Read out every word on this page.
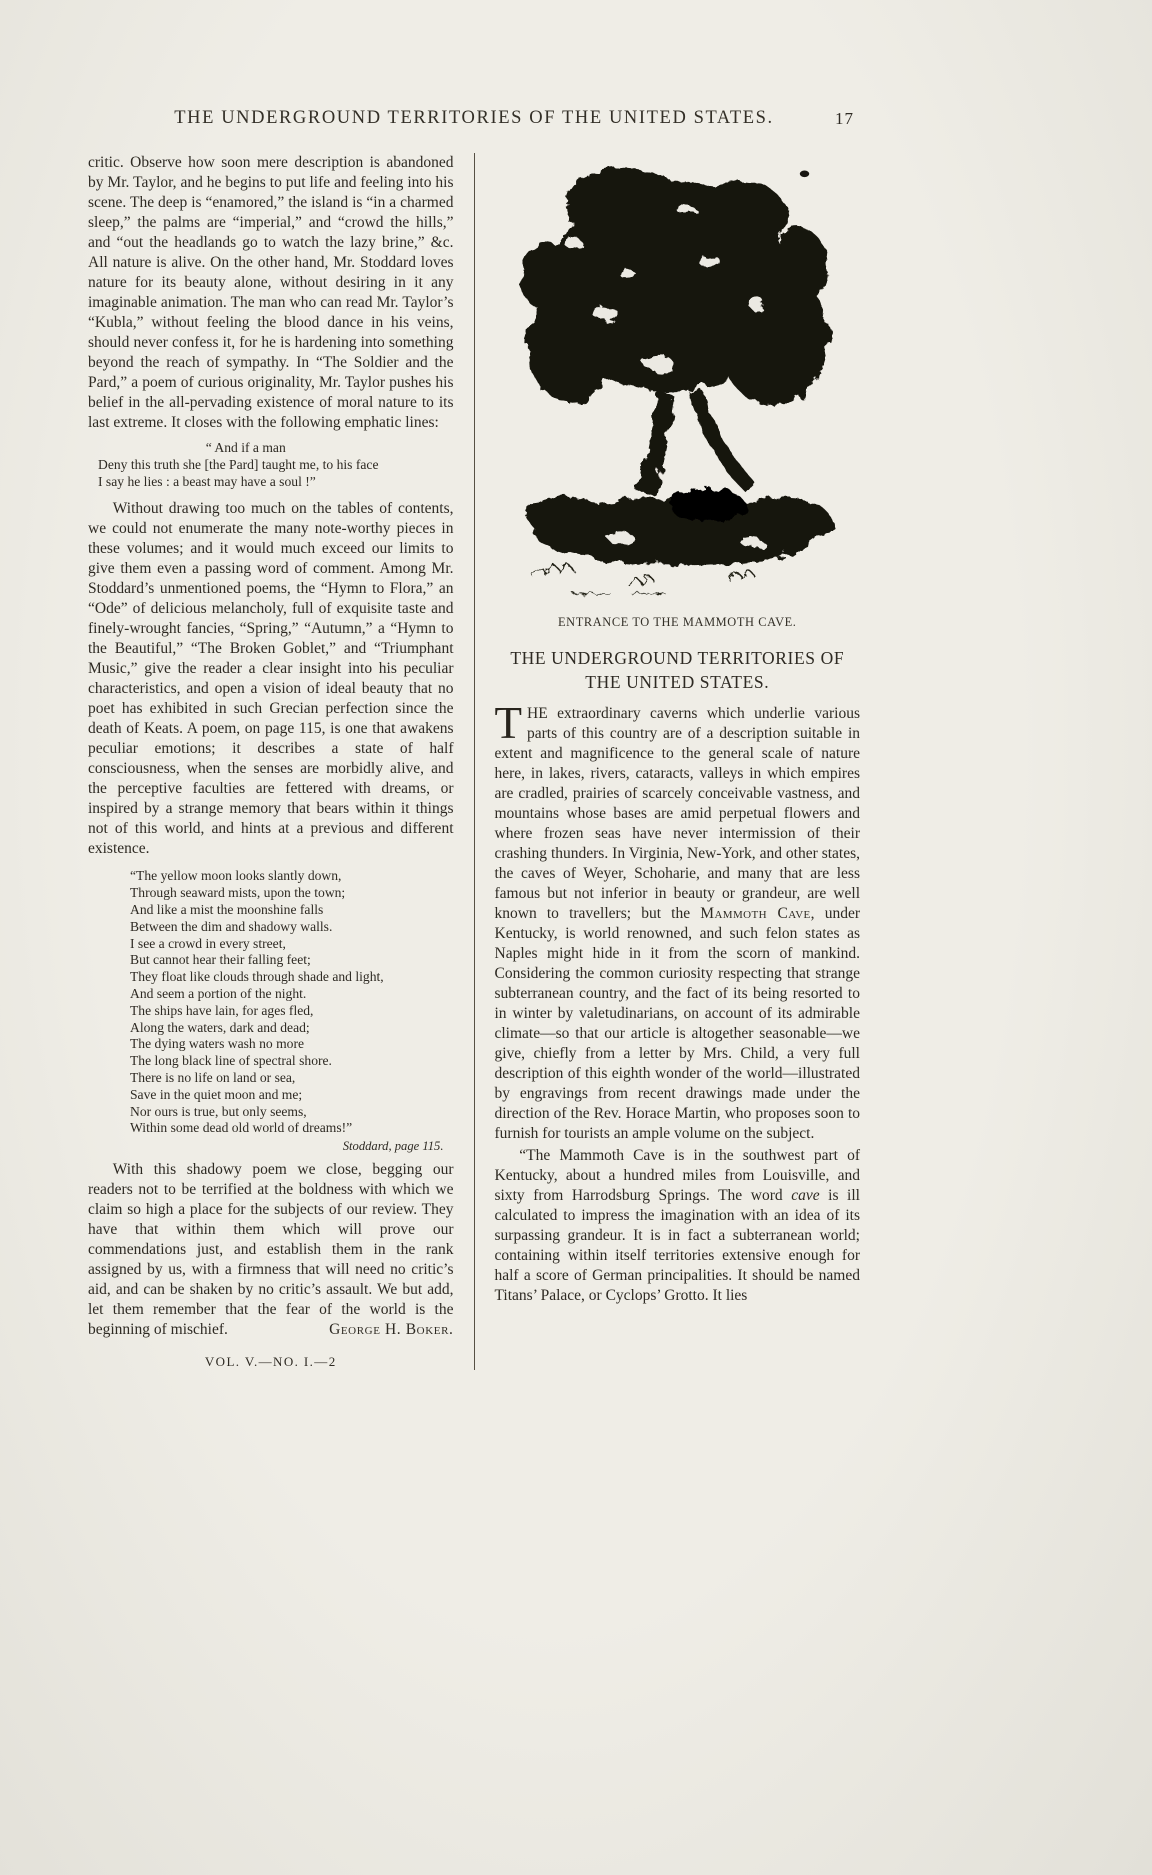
THE UNDERGROUND TERRITORIES OF THE UNITED STATES.	17

critic. Observe how soon mere description is abandoned by Mr. Taylor, and he begins to put life and feeling into his scene. The deep is “enamored,” the island is “in a charmed sleep,” the palms are “imperial,” and “crowd the hills,” and “out the headlands go to watch the lazy brine,” &c. All nature is alive. On the other hand, Mr. Stoddard loves nature for its beauty alone, without desiring in it any imaginable animation. The man who can read Mr. Taylor’s “Kubla,” without feeling the blood dance in his veins, should never confess it, for he is hardening into something beyond the reach of sympathy. In “The Soldier and the Pard,” a poem of curious originality, Mr. Taylor pushes his belief in the all-pervading existence of moral nature to its last extreme. It closes with the following emphatic lines:

“ And if a man
Deny this truth she [the Pard] taught me, to his face
I say he lies : a beast may have a soul !”

Without drawing too much on the tables of contents, we could not enumerate the many note-worthy pieces in these volumes; and it would much exceed our limits to give them even a passing word of comment. Among Mr. Stoddard’s unmentioned poems, the “Hymn to Flora,” an “Ode” of delicious melancholy, full of exquisite taste and finely-wrought fancies, “Spring,” “Autumn,” a “Hymn to the Beautiful,” “The Broken Goblet,” and “Triumphant Music,” give the reader a clear insight into his peculiar characteristics, and open a vision of ideal beauty that no poet has exhibited in such Grecian perfection since the death of Keats. A poem, on page 115, is one that awakens peculiar emotions; it describes a state of half consciousness, when the senses are morbidly alive, and the perceptive faculties are fettered with dreams, or inspired by a strange memory that bears within it things not of this world, and hints at a previous and different existence.

“The yellow moon looks slantly down,
Through seaward mists, upon the town;
And like a mist the moonshine falls
Between the dim and shadowy walls.
I see a crowd in every street,
But cannot hear their falling feet;
They float like clouds through shade and light,
And seem a portion of the night.
The ships have lain, for ages fled,
Along the waters, dark and dead;
The dying waters wash no more
The long black line of spectral shore.
There is no life on land or sea,
Save in the quiet moon and me;
Nor ours is true, but only seems,
Within some dead old world of dreams!”
Stoddard, page 115.

With this shadowy poem we close, begging our readers not to be terrified at the boldness with which we claim so high a place for the subjects of our review. They have that within them which will prove our commendations just, and establish them in the rank assigned by us, with a firmness that will need no critic’s aid, and can be shaken by no critic’s assault. We but add, let them remember that the fear of the world is the beginning of mischief.	George H. Boker.

VOL. V.—NO. I.—2
ENTRANCE TO THE MAMMOTH CAVE.
THE UNDERGROUND TERRITORIES OF
THE UNITED STATES.

THE extraordinary caverns which underlie various parts of this country are of a description suitable in extent and magnificence to the general scale of nature here, in lakes, rivers, cataracts, valleys in which empires are cradled, prairies of scarcely conceivable vastness, and mountains whose bases are amid perpetual flowers and where frozen seas have never intermission of their crashing thunders. In Virginia, New-York, and other states, the caves of Weyer, Schoharie, and many that are less famous but not inferior in beauty or grandeur, are well known to travellers; but the Mammoth Cave, under Kentucky, is world renowned, and such felon states as Naples might hide in it from the scorn of mankind. Considering the common curiosity respecting that strange subterranean country, and the fact of its being resorted to in winter by valetudinarians, on account of its admirable climate—so that our article is altogether seasonable—we give, chiefly from a letter by Mrs. Child, a very full description of this eighth wonder of the world—illustrated by engravings from recent drawings made under the direction of the Rev. Horace Martin, who proposes soon to furnish for tourists an ample volume on the subject.

“The Mammoth Cave is in the southwest part of Kentucky, about a hundred miles from Louisville, and sixty from Harrodsburg Springs. The word cave is ill calculated to impress the imagination with an idea of its surpassing grandeur. It is in fact a subterranean world; containing within itself territories extensive enough for half a score of German principalities. It should be named Titans’ Palace, or Cyclops’ Grotto. It lies
